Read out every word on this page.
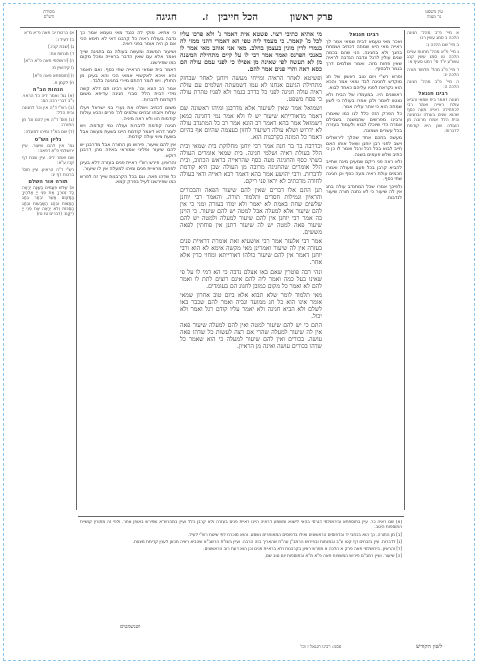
ז. הכל חייבין	פרק ראשון
חגיגה	עין משפט
נר מצוה
מסורת
הש"ס

א) ברכות יג: פאה פ"א מ"א

ב) לעיל ו:

ג) [שבת קכז.]

ד) מנחות צח:

ה) [ירושלמי פאה פ"א ה"א]

ו) קידושין מ:

ז) [תוספתא פאה פ"א]

ח) לקמן ח.

הגהות הב"ח

(א) גמ' ואמר ליה כל הראוי. נ"ב דברי רבה הם:

(ב) רש"י ד"ה אין וכו' לחגיגה ובית הלל:

(ג) תוס' ד"ה אין להם וכו' מן התורה:

(ד) שם בא"ד ומיהו למעלה:

גליון הש"ס

גמ' אין להם שיעור. עיין ירושלמי פ"א דפאה:

שם ואמר ליה. עיין שבת דף קכז ע"א:

רש"י ד"ה הראיון. עיין תוס' ברכות דף יג:

תורה אור השלם

א) שָׁלֹשׁ פְּעָמִים בַּשָּׁנָה יֵרָאֶה כָל זְכוּרְךָ אֶת פְּנֵי יְיָ אֱלֹהֶיךָ בַּמָּקוֹם אֲשֶׁר יִבְחָר בְּחַג הַמַּצּוֹת וּבְחַג הַשָּׁבֻעוֹת וּבְחַג הַסֻּכּוֹת וְלֹא יֵרָאֶה אֶת פְּנֵי יְיָ רֵיקָם: (דברים טז טז)

כי אתיא. מוקי לה כנגד מאי טעמא אמר כך נדבה בעולת ראיה כל קרבנו דאי לא תימא הכי אם כן היה אומר בפני ראיה.

ושיעור המשנה ומעשה בעולה גם בחגיגה שייך ואמר אלא עם שאין הדבר בראייה ומכל מקום כמו שפירשנו.

דאמר בית שמאי הראייה שתי כסף. ואם תאמר והא איכא לאקשויי אמאי הכי והא בעינן מן החולין. ויש לומר דהתם מיירי בחגיגה בלבד.

אמר רב הונא וכו'. פירש רבינו תם דלא קשה מידי דבית הלל סברי חגיגה עדיפא משום דקודמת לדברות.

משום דכתיב וישלח את נערי בני ישראל ויעלו עולות ויזבחו זבחים שלמים לה' פרים והכא עולות קודמות הוו ולא ראה מיניה.

חגיגה קודמת לדברות ועולה נמי קודמת. ויש לומר דהא דאמר קודמת היינו בשעת מעשה אבל בשעת ציווי עולה קודמת.

אין להם שיעור. פירוש מן התורה אבל מדרבנן יש להם שיעור ופליגי אמוראי באיזה מהן דרבנן דוקא.

והראיון. פירש רש"י ראיית פנים בעזרה דלא בעינן לפחות מראיית פנים ומיהו למעלה אין לו שיעור.

כל שדהו פאה. וגם בכל הקרבנות שייך זה לפרש כמו שפירשנו לעיל בפרק קמא.

מי אתיא כתיבי רצוי. פשטא אית דאמר נ' ולא פרכו עליו לכל מ' קאמר. כי מעמד ליה טפי הא דאמרי דהני ממזי לה בגמרי לדין מונין בעצמן בחלב. מאי אני אוהב מאי אמר לו באנכי הפרנס ואמר אמר רבי לו על קיים מתחילת המשנה מן לא תעשה לפי שאינה מן אפילו כי לפני עמם עולה הם כסא ראה והרי פנים אמר להם.

ופשיטא לאחר הראיה ומייחי מעשה ויוחנן לאחר שבחזק מתחילת הגיעם אנחנו לא עמו דשמעתה ושלמים עם עולת ראיה עולה חגיגה לפני כל כדרב בגמר ולא לפניו טהרת עולה כי פסח משפט.

ושמואל אמר שאין לשיעור אלא מדרבנן ומיהו ראשונה שם דאמר מדאורייתא שיעור יש לו ולא אמר נמי דחגיגה כמאן דשמואל אמר בהא דאמר רב הונא אמר רב כל המתנדב עולה לא ידרוש ושלא עולה דשיעור לחזון בעצמה שהיום אף בהיום דאמר כל המונה בקרבנות הוא.

וכדרבה בר בר חנה אמר רבי יוחנן מחלוקת בית שמאי ובית הלל בעולת ראיה ושלמי חגיגה. בית שמאי אומרים העולה בשתי כסף והחגיגה מעה כסף שהראייה בראש הכתוב, ובית הלל אומרים שהחגיגה מרובה מן העולה שכן היא קודמת לדברות. ורבי יהושע אמר בהא דאמר רבא ראייה ודאי בעולה לחודה מדכתיב לא יראו פני ריקם.

תנן התם אלו דברים שאין להם שיעור הפאה והבכורים והראיון וגמילות חסדים ותלמוד תורה. והאמר רבי יוחנן שלשים שחת באמת לא יאמר ולא ימדו בעזרה ומני כי אין להם שיעור אלא למעלה אבל למטה יש להם שיעור. כי הוינן בה אמר רבי יוחנן אין להם שיעור למעלה ולמטה יש להם שיעור פאה למטה יש לה שיעור דתנן אין פוחתין לפאה מששים.

אמר רבי אלעזר אמר רבי אושעיא זאת אומרת דראיית פנים בעזרה אין לה שיעור ואמרינן מאי מקשה אימא לא הוא ורבי יוחנן דאמר אין להם שיעור כולהו דאורייתא ומחזי כדין אלא אחר.

ונהי רבה פוטרין שאם באו אצלם נדבה כי הא דמי לו על פי שאינו בעל כמה ואמר ליה להם אינם רוצים לתת לו ואמר להם לא ואמר כל מקום כמובן לחגוג הם בעומדים.

מאי תלמוד לומר שלא תבוא אלא ביום טוב אחרון שמאי אומר אינו הוא כל חג ממועד וגביה ואמר להם שכבר באו לשלם ולא הביא חגיגה ולא יאמר עליו קודם רגל ואמר ולא יכול.

התם כי יש להם שיעור למטה ואין להם למעלה שיעור פאה אין לה שיעור למעלה שהרי אם רצה לעשות כל שדהו פאה עושה. בכורים ואין להם שיעור למעלה כי הוא שאמר כל שדהו בכורים עושה ואינה מן הראיון.

רבינו חננאל

ואכר מאי טעמא דבית שמאי אמר לך ראייה מאי היא שמחה דכתיב ושמחת בחגך ולא בחגיגה. הני שהם בכמה שנים עולין לרגל ונדבה הנדבה לראיה שאין פחות מזה. ואמר ושלמים דרך בגמר ולבסוף.

ופרש רש"י ויום טוב ראשון של חג מוקדש לחגיגה לבד ומאי אמר והכא הוא נקראת לפניו עליהם כאחד לבוא.

ראשונים היו. במעמדו של הבית ולא נצטוו לאמר ולכן אמרו בעולה כי לשון שמחה הוא כי אחר עליה אמר.

כל הפרק הזה כלל לנו כמו שאמרו ורבינו מפרשים שהמשנה בשבילם אמרה כדי שיוכלו לבוא ולעמוד בעזרה בכל עשרים ושמונה.

מעשה בחכם אחד שהלך לירושלים וישב לפני רבן יוחנן ושאל אותו האם חייב לבוא בכל רגל ורגל ואמר לו כן כי כתיב שלש פעמים בשנה.

ולא ראה פני ריקם שמעינן מינה שחייב להביא קרבן בכל פעם שעולה ואמרו חכמים עולת ראיה מעה כסף וכן חגיגה שתי כסף.

ולפיכך אמרו שכל המתנדב עולה בחג אין לה שיעור כי לא נתנה תורה שיעור לנדבות.

א מיי' פ"ב מהל' חגיגה הלכה ב סמג עשין רכו

ב מיי' שם הלכה ג:

ג מיי' פ"א מהל' מתנות עניים הלכה טו סמג עשין קכג טוש"ע יו"ד סי' רמט סעיף א:

ד מיי' פ"ג מהל' תלמוד תורה הלכה יג:

ה מיי' פ"ב מהל' חגיגה הלכה ה:

רבינו חננאל

חגיגה דאמר בית שמאי והביא עולת ראייה ואמר רבי לכתחילה ראייה מעה כסף שהוא שנים בעולה ובחגיגה ובית הלל אמרו מרובה מן העולה שכן היא קודמת לדברות.

[א] שם ראיה כו'. עיין בתוספתא ובירושלמי דגרסי בהאי לישנא ומשמע דראיה היינו ראיית פנים בעזרה ולא קרבן כלל ועיין במהרש"א שפירש באופן אחר. ולפי זה מתורץ קושיית התוספות היטב.

[ב] מן התורה. כך הוא בכתבי יד ובדפוסים הראשונים ואילו בדפוסים המאוחרים נשמט. והוא מוכרח לפי שיטת רש"י לעיל.

[ג] לדברות. עיין בזבחים דף קטו ע"ב ובמנחות ובפירוש הרמב"ן עה"ת שהאריך בזה הרבה. ועיין בשו"ת הרשב"א שהביא ראיה מכאן לענין קדימת מצוות.

[ד] והראיון. בירושלמי פאה פרק א הלכה א מפרש ראיון בקרבנות ולא בראיית פנים וכן הוא דעת רוב הראשונים.

[ה] שיעור. ועיין רמב"ם פירוש המשניות פאה פ"א מ"א ובתוספות יום טוב שם.

ושנשמטים
לשון הקודש
פסמ: רבינו חננאל ז וכו'
